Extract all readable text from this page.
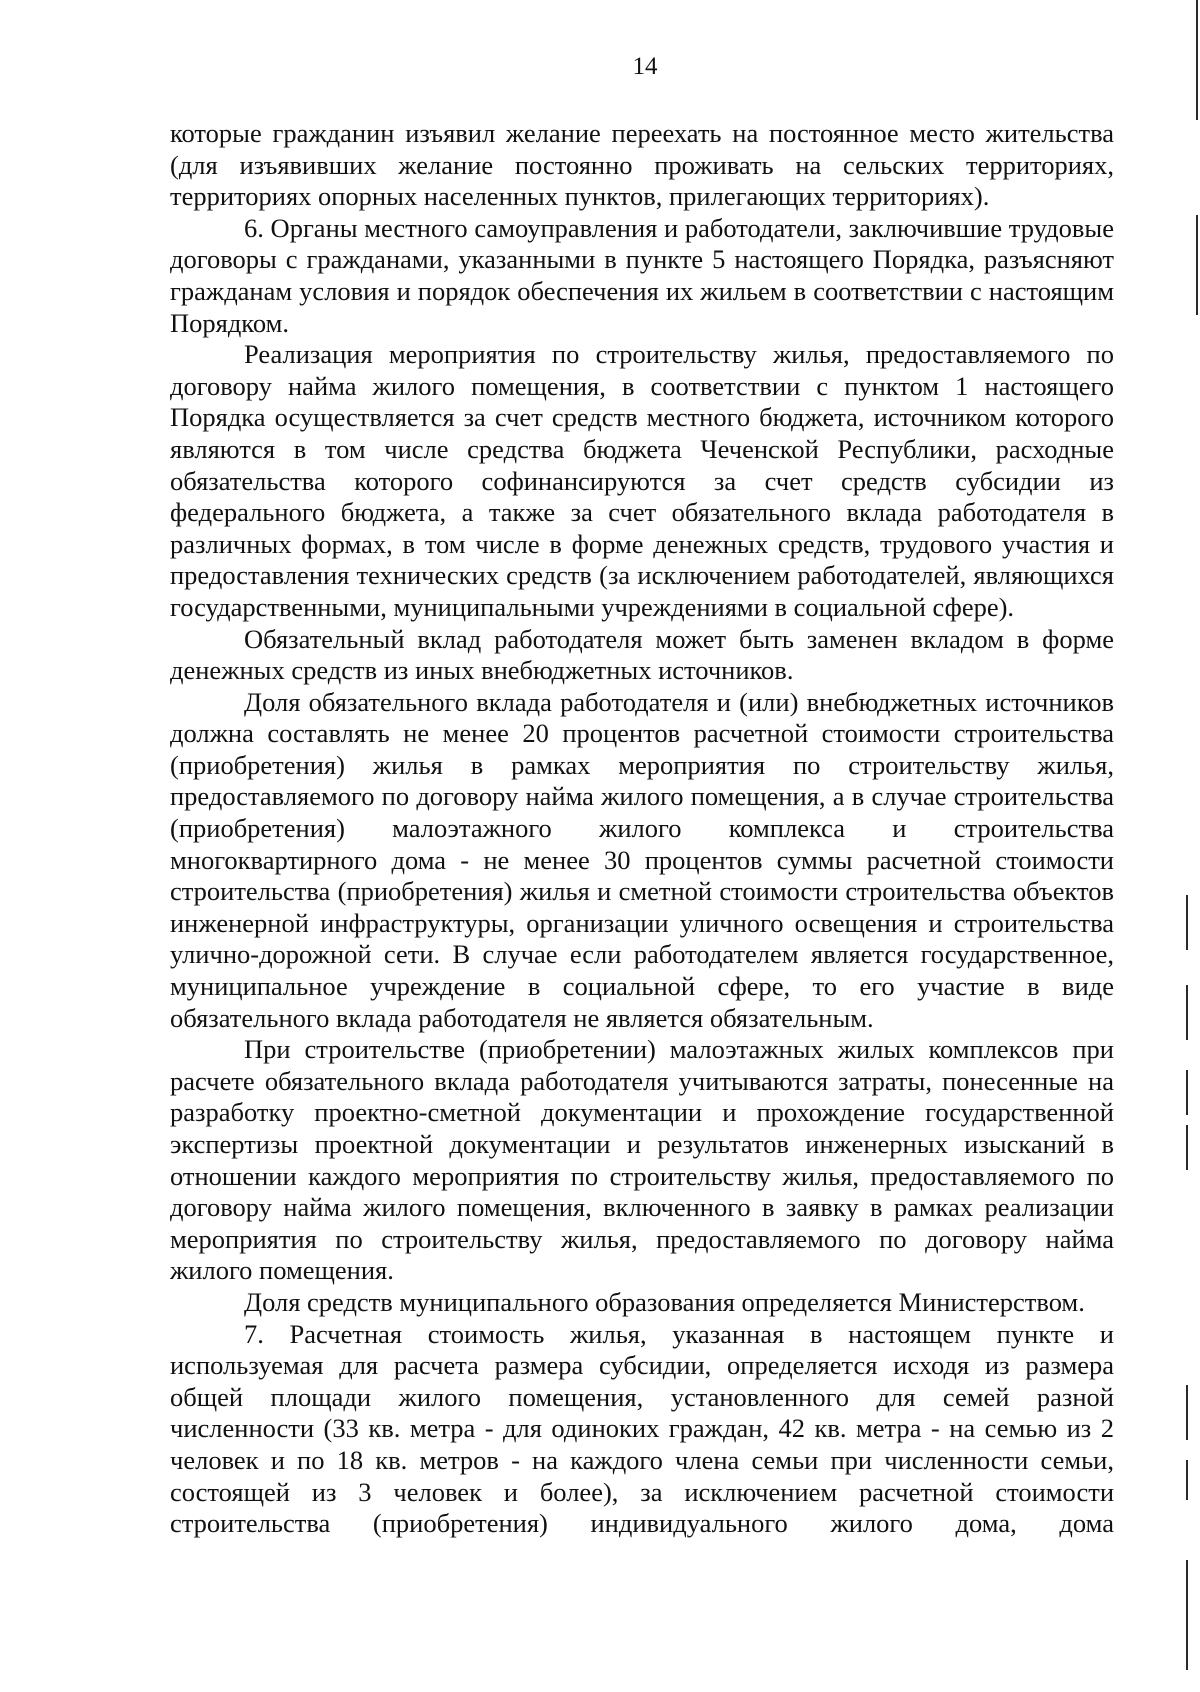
14

которые гражданин изъявил желание переехать на постоянное место жительства (для изъявивших желание постоянно проживать на сельских территориях, территориях опорных населенных пунктов, прилегающих территориях).

6. Органы местного самоуправления и работодатели, заключившие трудовые договоры с гражданами, указанными в пункте 5 настоящего Порядка, разъясняют гражданам условия и порядок обеспечения их жильем в соответствии с настоящим Порядком.

Реализация мероприятия по строительству жилья, предоставляемого по договору найма жилого помещения, в соответствии с пунктом 1 настоящего Порядка осуществляется за счет средств местного бюджета, источником которого являются в том числе средства бюджета Чеченской Республики, расходные обязательства которого софинансируются за счет средств субсидии из федерального бюджета, а также за счет обязательного вклада работодателя в различных формах, в том числе в форме денежных средств, трудового участия и предоставления технических средств (за исключением работодателей, являющихся государственными, муниципальными учреждениями в социальной сфере).

Обязательный вклад работодателя может быть заменен вкладом в форме денежных средств из иных внебюджетных источников.

Доля обязательного вклада работодателя и (или) внебюджетных источников должна составлять не менее 20 процентов расчетной стоимости строительства (приобретения) жилья в рамках мероприятия по строительству жилья, предоставляемого по договору найма жилого помещения, а в случае строительства (приобретения) малоэтажного жилого комплекса и строительства многоквартирного дома - не менее 30 процентов суммы расчетной стоимости строительства (приобретения) жилья и сметной стоимости строительства объектов инженерной инфраструктуры, организации уличного освещения и строительства улично-дорожной сети. В случае если работодателем является государственное, муниципальное учреждение в социальной сфере, то его участие в виде обязательного вклада работодателя не является обязательным.

При строительстве (приобретении) малоэтажных жилых комплексов при расчете обязательного вклада работодателя учитываются затраты, понесенные на разработку проектно-сметной документации и прохождение государственной экспертизы проектной документации и результатов инженерных изысканий в отношении каждого мероприятия по строительству жилья, предоставляемого по договору найма жилого помещения, включенного в заявку в рамках реализации мероприятия по строительству жилья, предоставляемого по договору найма жилого помещения.

Доля средств муниципального образования определяется Министерством.

7. Расчетная стоимость жилья, указанная в настоящем пункте и используемая для расчета размера субсидии, определяется исходя из размера общей площади жилого помещения, установленного для семей разной численности (33 кв. метра - для одиноких граждан, 42 кв. метра - на семью из 2 человек и по 18 кв. метров - на каждого члена семьи при численности семьи, состоящей из 3 человек и более), за исключением расчетной стоимости строительства (приобретения) индивидуального жилого дома, дома
